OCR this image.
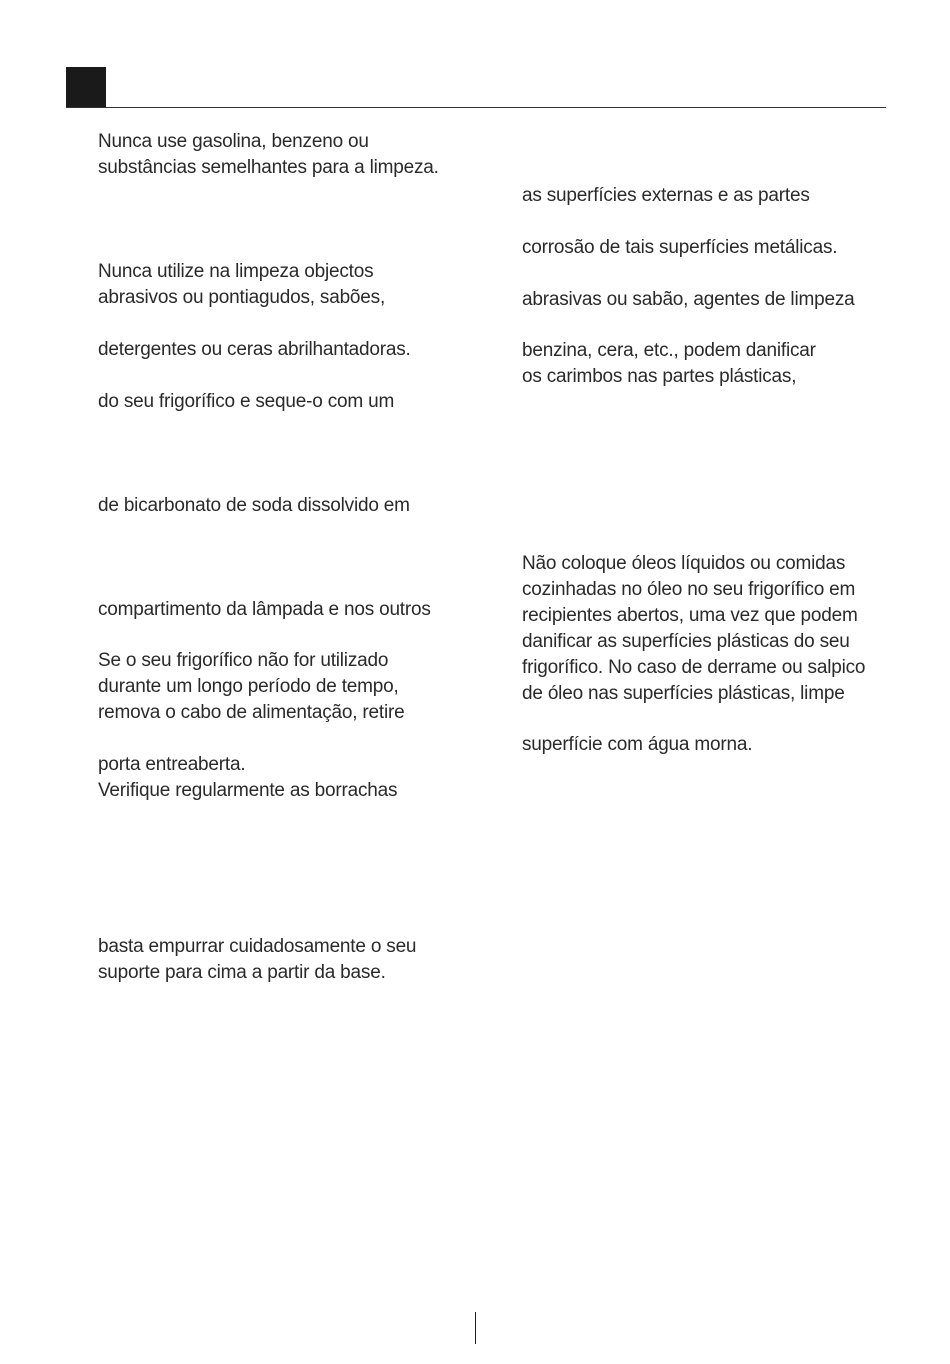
Nunca use gasolina, benzeno ou
substâncias semelhantes para a limpeza.
Nunca utilize na limpeza objectos
abrasivos ou pontiagudos, sabões,
detergentes ou ceras abrilhantadoras.
do seu frigorífico e seque-o com um
de bicarbonato de soda dissolvido em
compartimento da lâmpada e nos outros
Se o seu frigorífico não for utilizado
durante um longo período de tempo,
remova o cabo de alimentação, retire
porta entreaberta.
Verifique regularmente as borrachas
basta empurrar cuidadosamente o seu
suporte para cima a partir da base.
as superfícies externas e as partes
corrosão de tais superfícies metálicas.
abrasivas ou sabão, agentes de limpeza
benzina, cera, etc., podem danificar
os carimbos nas partes plásticas,
Não coloque óleos líquidos ou comidas
cozinhadas no óleo no seu frigorífico em
recipientes abertos, uma vez que podem
danificar as superfícies plásticas do seu
frigorífico. No caso de derrame ou salpico
de óleo nas superfícies plásticas, limpe
superfície com água morna.
